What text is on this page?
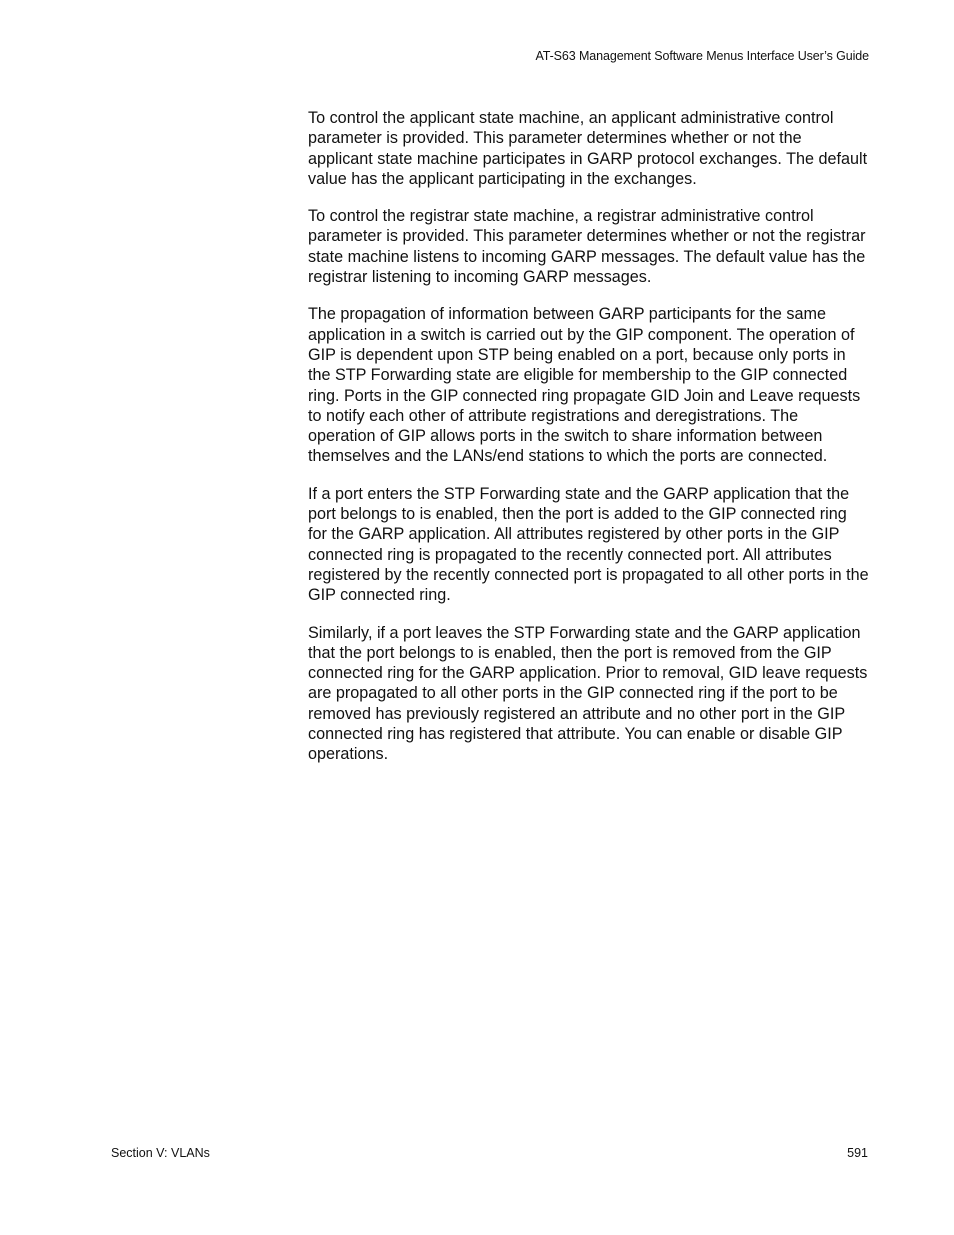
AT-S63 Management Software Menus Interface User’s Guide

To control the applicant state machine, an applicant administrative control parameter is provided. This parameter determines whether or not the applicant state machine participates in GARP protocol exchanges. The default value has the applicant participating in the exchanges.

To control the registrar state machine, a registrar administrative control parameter is provided. This parameter determines whether or not the registrar state machine listens to incoming GARP messages. The default value has the registrar listening to incoming GARP messages.

The propagation of information between GARP participants for the same application in a switch is carried out by the GIP component. The operation of GIP is dependent upon STP being enabled on a port, because only ports in the STP Forwarding state are eligible for membership to the GIP connected ring. Ports in the GIP connected ring propagate GID Join and Leave requests to notify each other of attribute registrations and deregistrations. The operation of GIP allows ports in the switch to share information between themselves and the LANs/end stations to which the ports are connected.

If a port enters the STP Forwarding state and the GARP application that the port belongs to is enabled, then the port is added to the GIP connected ring for the GARP application. All attributes registered by other ports in the GIP connected ring is propagated to the recently connected port. All attributes registered by the recently connected port is propagated to all other ports in the GIP connected ring.

Similarly, if a port leaves the STP Forwarding state and the GARP application that the port belongs to is enabled, then the port is removed from the GIP connected ring for the GARP application. Prior to removal, GID leave requests are propagated to all other ports in the GIP connected ring if the port to be removed has previously registered an attribute and no other port in the GIP connected ring has registered that attribute. You can enable or disable GIP operations.

Section V: VLANs	591
